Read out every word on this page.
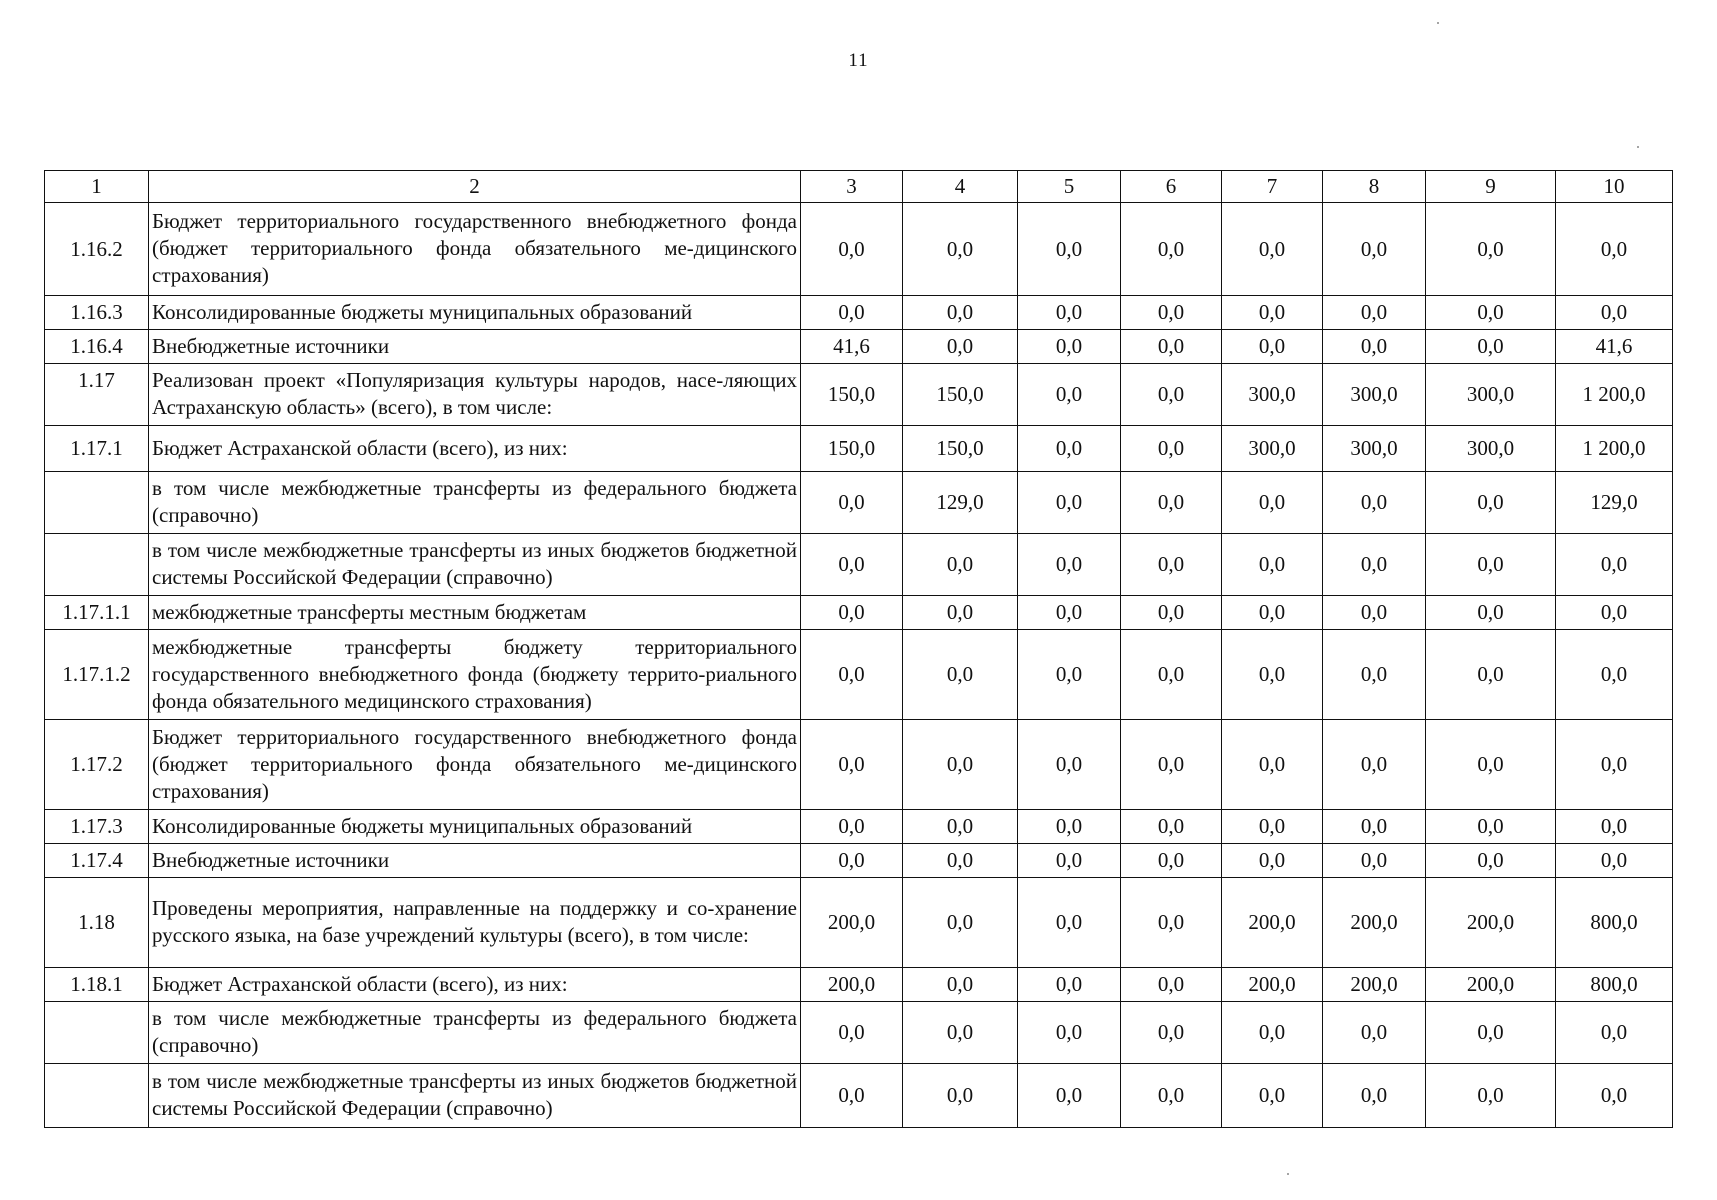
11
1	2	3	4	5	6	7	8	9	10
1.16.2	Бюджет территориального государственного внебюджетного фонда (бюджет территориального фонда обязательного ме-дицинского страхования)	0,0	0,0	0,0	0,0	0,0	0,0	0,0	0,0
1.16.3	Консолидированные бюджеты муниципальных образований	0,0	0,0	0,0	0,0	0,0	0,0	0,0	0,0
1.16.4	Внебюджетные источники	41,6	0,0	0,0	0,0	0,0	0,0	0,0	41,6
1.17	Реализован проект «Популяризация культуры народов, насе-ляющих Астраханскую область» (всего), в том числе:	150,0	150,0	0,0	0,0	300,0	300,0	300,0	1 200,0
1.17.1	Бюджет Астраханской области (всего), из них:	150,0	150,0	0,0	0,0	300,0	300,0	300,0	1 200,0
	в том числе межбюджетные трансферты из федерального бюджета (справочно)	0,0	129,0	0,0	0,0	0,0	0,0	0,0	129,0
	в том числе межбюджетные трансферты из иных бюджетов бюджетной системы Российской Федерации (справочно)	0,0	0,0	0,0	0,0	0,0	0,0	0,0	0,0
1.17.1.1	межбюджетные трансферты местным бюджетам	0,0	0,0	0,0	0,0	0,0	0,0	0,0	0,0
1.17.1.2	межбюджетные трансферты бюджету территориального государственного внебюджетного фонда (бюджету террито-риального фонда обязательного медицинского страхования)	0,0	0,0	0,0	0,0	0,0	0,0	0,0	0,0
1.17.2	Бюджет территориального государственного внебюджетного фонда (бюджет территориального фонда обязательного ме-дицинского страхования)	0,0	0,0	0,0	0,0	0,0	0,0	0,0	0,0
1.17.3	Консолидированные бюджеты муниципальных образований	0,0	0,0	0,0	0,0	0,0	0,0	0,0	0,0
1.17.4	Внебюджетные источники	0,0	0,0	0,0	0,0	0,0	0,0	0,0	0,0
1.18	Проведены мероприятия, направленные на поддержку и со-хранение русского языка, на базе учреждений культуры (всего), в том числе:	200,0	0,0	0,0	0,0	200,0	200,0	200,0	800,0
1.18.1	Бюджет Астраханской области (всего), из них:	200,0	0,0	0,0	0,0	200,0	200,0	200,0	800,0
	в том числе межбюджетные трансферты из федерального бюджета (справочно)	0,0	0,0	0,0	0,0	0,0	0,0	0,0	0,0
	в том числе межбюджетные трансферты из иных бюджетов бюджетной системы Российской Федерации (справочно)	0,0	0,0	0,0	0,0	0,0	0,0	0,0	0,0
